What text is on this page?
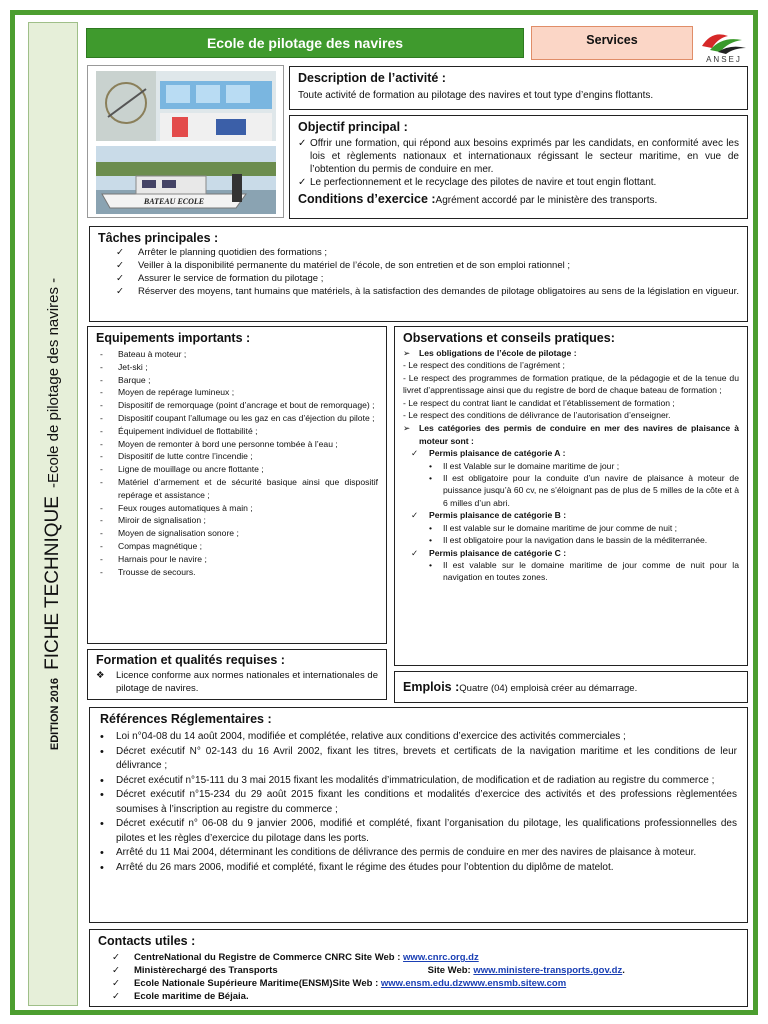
EDITION 2016 FICHE TECHNIQUE -Ecole de pilotage des navires -
Ecole de pilotage des navires	Services
ANSEJ
BATEAU ECOLE
Description de l’activité :
Toute activité de formation au pilotage des navires et tout type d’engins flottants.
Objectif principal :
✓ Offrir une formation, qui répond aux besoins exprimés par les candidats, en conformité avec les lois et règlements nationaux et internationaux régissant le secteur maritime, en vue de l’obtention du permis de conduire en mer.
✓ Le perfectionnement et le recyclage des pilotes de navire et tout engin flottant.
Conditions d’exercice :Agrément accordé par le ministère des transports.
Tâches principales :
✓	Arrêter le planning quotidien des formations ;
✓	Veiller à la disponibilité permanente du matériel de l’école, de son entretien et de son emploi rationnel ;
✓	Assurer le service de formation du pilotage ;
✓	Réserver des moyens, tant humains que matériels, à la satisfaction des demandes de pilotage obligatoires au sens de la législation en vigueur.
Equipements importants :
-	Bateau à moteur ;
-	Jet-ski ;
-	Barque ;
-	Moyen de repérage lumineux ;
-	Dispositif de remorquage (point d’ancrage et bout de remorquage) ;
-	Dispositif coupant l’allumage ou les gaz en cas d’éjection du pilote ;
-	Équipement individuel de flottabilité ;
-	Moyen de remonter à bord une personne tombée à l’eau ;
-	Dispositif de lutte contre l’incendie ;
-	Ligne de mouillage ou ancre flottante ;
-	Matériel d’armement et de sécurité basique ainsi que dispositif repérage et assistance ;
-	Feux rouges automatiques à main ;
-	Miroir de signalisation ;
-	Moyen de signalisation sonore ;
-	Compas magnétique ;
-	Harnais pour le navire ;
-	Trousse de secours.
Observations et conseils pratiques:
➢	Les obligations de l’école de pilotage :
- Le respect des conditions de l’agrément ;
- Le respect des programmes de formation pratique, de la pédagogie et de la tenue du livret d’apprentissage ainsi que du registre de bord de chaque bateau de formation ;
- Le respect du contrat liant le candidat et l’établissement de formation ;
- Le respect des conditions de délivrance de l’autorisation d’enseigner.
➢	Les catégories des permis de conduire en mer des navires de plaisance à moteur sont :
✓	Permis plaisance de catégorie A :
•	Il est Valable sur le domaine maritime de jour ;
•	Il est obligatoire pour la conduite d’un navire de plaisance à moteur de puissance jusqu’à 60 cv, ne s’éloignant pas de plus de 5 milles de la côte et à 6 milles d’un abri.
✓	Permis plaisance de catégorie B :
•	Il est valable sur le domaine maritime de jour comme de nuit ;
•	Il est obligatoire pour la navigation dans le bassin de la méditerranée.
✓	Permis plaisance de catégorie C :
•	Il est valable sur le domaine maritime de jour comme de nuit pour la navigation en toutes zones.
Formation et qualités requises :
❖	Licence conforme aux normes nationales et internationales de pilotage de navires.	Emplois :Quatre (04) emploisà créer au démarrage.
Références Réglementaires :
•	Loi n°04-08 du 14 août 2004, modifiée et complétée, relative aux conditions d’exercice des activités commerciales ;
•	Décret exécutif N° 02-143 du 16 Avril 2002, fixant les titres, brevets et certificats de la navigation maritime et les conditions de leur délivrance ;
•	Décret exécutif n°15-111 du 3 mai 2015 fixant les modalités d’immatriculation, de modification et de radiation au registre du commerce ;
•	Décret exécutif n°15-234 du 29 août 2015 fixant les conditions et modalités d’exercice des activités et des professions règlementées soumises à l’inscription au registre du commerce ;
•	Décret exécutif n° 06-08 du 9 janvier 2006, modifié et complété, fixant l’organisation du pilotage, les qualifications professionnelles des pilotes et les règles d’exercice du pilotage dans les ports.
•	Arrêté du 11 Mai 2004, déterminant les conditions de délivrance des permis de conduire en mer des navires de plaisance à moteur.
•	Arrêté du 26 mars 2006, modifié et complété, fixant le régime des études pour l’obtention du diplôme de matelot.
Contacts utiles :
✓	CentreNational du Registre de Commerce CNRC Site Web : www.cnrc.org.dz
✓	Ministèrechargé des Transports	Site Web: www.ministere-transports.gov.dz.
✓	Ecole Nationale Supérieure Maritime(ENSM)Site Web : www.ensm.edu.dzwww.ensmb.sitew.com
✓	Ecole maritime de Béjaia.
